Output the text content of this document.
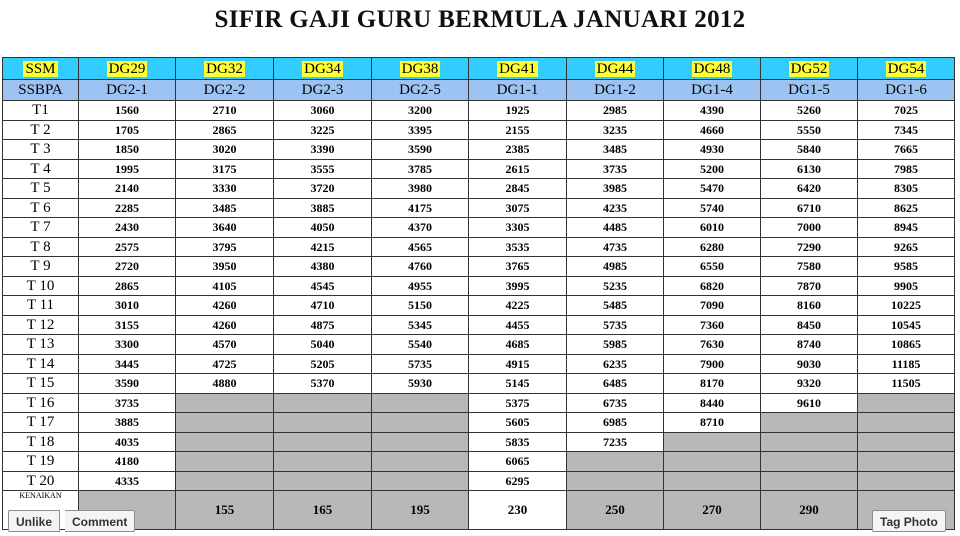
SIFIR GAJI GURU BERMULA JANUARI 2012
SSM	DG29	DG32	DG34	DG38	DG41	DG44	DG48	DG52	DG54
SSBPA	DG2-1	DG2-2	DG2-3	DG2-5	DG1-1	DG1-2	DG1-4	DG1-5	DG1-6
T1	1560	2710	3060	3200	1925	2985	4390	5260	7025
T 2	1705	2865	3225	3395	2155	3235	4660	5550	7345
T 3	1850	3020	3390	3590	2385	3485	4930	5840	7665
T 4	1995	3175	3555	3785	2615	3735	5200	6130	7985
T 5	2140	3330	3720	3980	2845	3985	5470	6420	8305
T 6	2285	3485	3885	4175	3075	4235	5740	6710	8625
T 7	2430	3640	4050	4370	3305	4485	6010	7000	8945
T 8	2575	3795	4215	4565	3535	4735	6280	7290	9265
T 9	2720	3950	4380	4760	3765	4985	6550	7580	9585
T 10	2865	4105	4545	4955	3995	5235	6820	7870	9905
T 11	3010	4260	4710	5150	4225	5485	7090	8160	10225
T 12	3155	4260	4875	5345	4455	5735	7360	8450	10545
T 13	3300	4570	5040	5540	4685	5985	7630	8740	10865
T 14	3445	4725	5205	5735	4915	6235	7900	9030	11185
T 15	3590	4880	5370	5930	5145	6485	8170	9320	11505
T 16	3735				5375	6735	8440	9610	
T 17	3885				5605	6985	8710		
T 18	4035				5835	7235			
T 19	4180				6065				
T 20	4335				6295				
KENAIKAN		155	165	195	230	250	270	290	
Unlike	Comment	Tag Photo
